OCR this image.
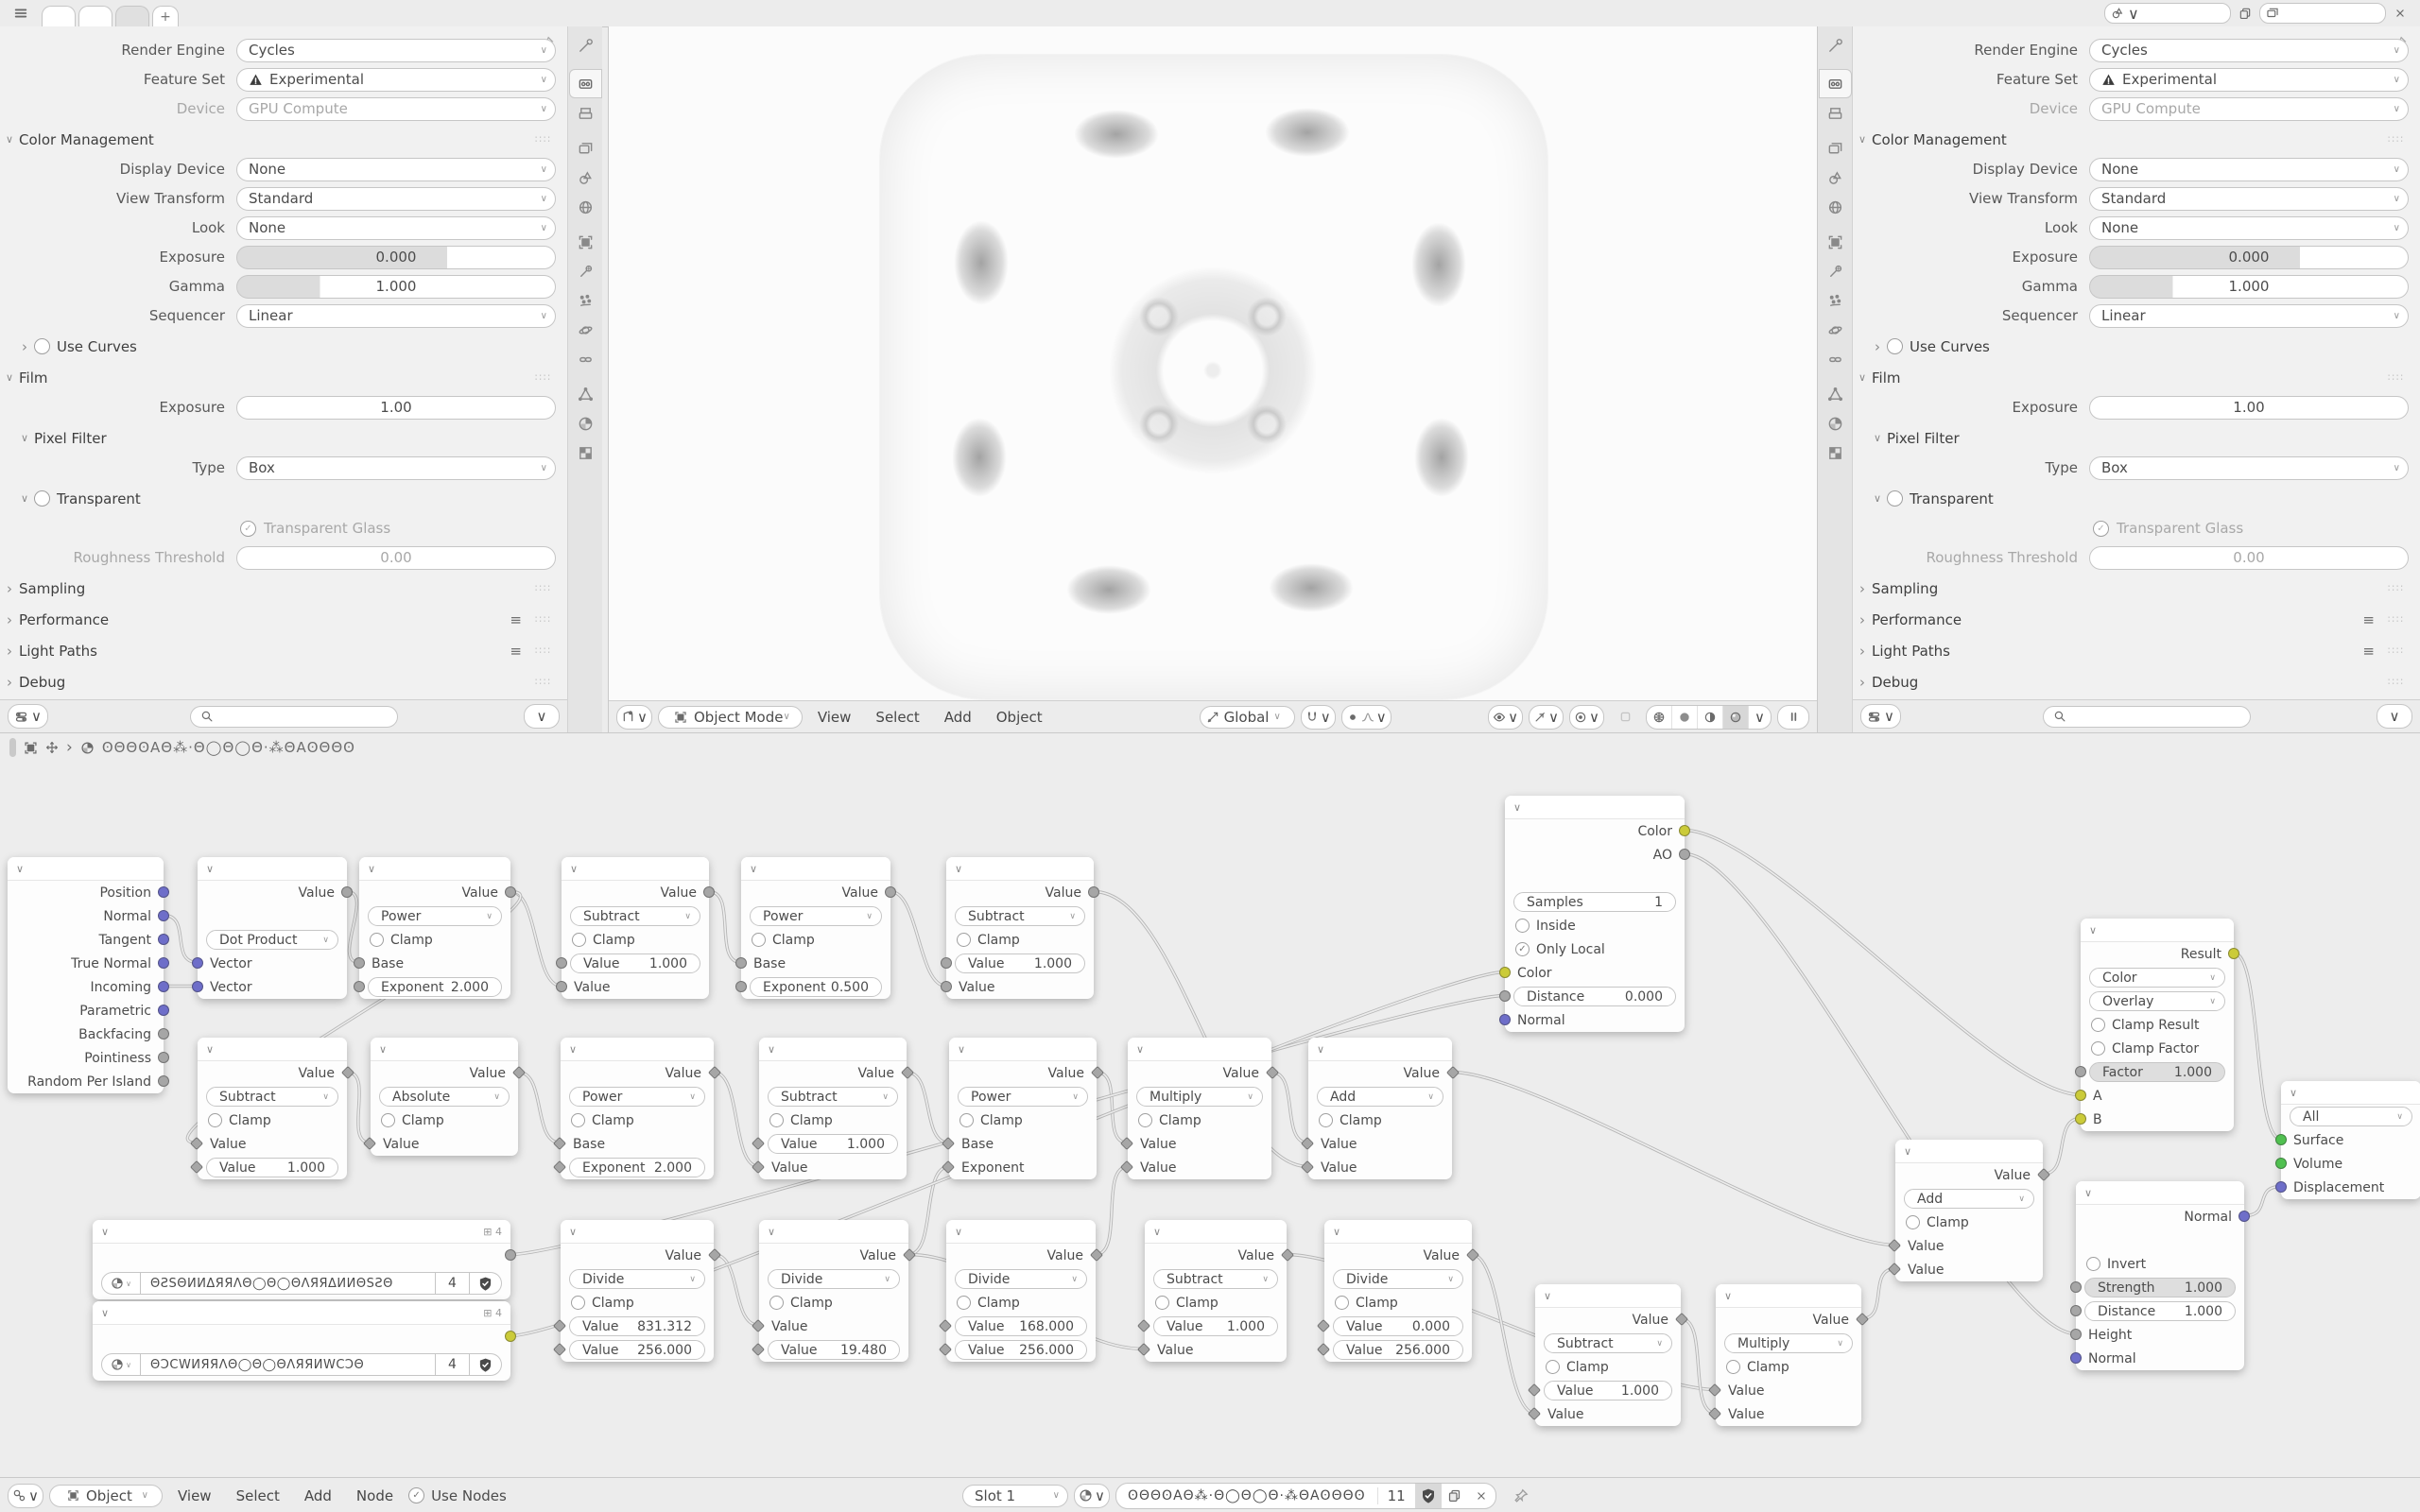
+	∨
Render Engine	Cycles	∨
Feature Set	Experimental	∨
Device	GPU Compute	∨
∨ Color Management	∷∷
Display Device	None	∨
View Transform	Standard	∨
Look	None	∨
Exposure	0.000
Gamma	1.000
Sequencer	Linear	∨
›	Use Curves
∨ Film	∷∷
Exposure	1.00
∨ Pixel Filter
Type	Box	∨
∨	Transparent
✓ Transparent Glass
Roughness Threshold	0.00
› Sampling	∷∷
› Performance	≡ ∷∷
› Light Paths	≡ ∷∷
› Debug	∷∷
∨	∨	∨	Object Mode ∨	View	Select	Add	Object	Global ∨	∨	∨	∨ ∨ ∨	∨
Render Engine	Cycles	∨
Feature Set	Experimental	∨
Device	GPU Compute	∨
∨ Color Management	∷∷
Display Device	None	∨
View Transform	Standard	∨
Look	None	∨
Exposure	0.000
Gamma	1.000
Sequencer	Linear	∨
›	Use Curves
∨ Film	∷∷
Exposure	1.00
∨ Pixel Filter
Type	Box	∨
∨	Transparent
✓ Transparent Glass
Roughness Threshold	0.00
› Sampling	∷∷
› Performance	≡ ∷∷
› Light Paths	≡ ∷∷
› Debug	∷∷
∨	∨
∨
Position
Normal
Tangent
True Normal
Incoming
Parametric
Backfacing
Pointiness
Random Per Island
∨
Value
Dot Product	∨
Vector
Vector
∨
Value
Power	∨
Clamp
Base
Exponent 2.000
∨
Value
Subtract	∨
Clamp
Value 1.000
Value
∨
Value
Power	∨
Clamp
Base
Exponent 0.500
∨
Value
Subtract	∨
Clamp
Value 1.000
Value
∨
Value
Subtract	∨
Clamp
Value
Value 1.000
∨
Value
Absolute	∨
Clamp
Value
∨
Value
Power	∨
Clamp
Base
Exponent 2.000
∨
Value
Subtract	∨
Clamp
Value 1.000
Value
∨
Value
Power	∨
Clamp
Base
Exponent
∨
Value
Multiply	∨
Clamp
Value
Value
∨
Value
Add	∨
Clamp
Value
Value
∨
Color
AO
Samples	1
Inside
✓ Only Local
Color
Distance	0.000
Normal
∨	⊞ 4
∨	ΘƧSΘИИΔЯЯΛΘ◯Θ◯ΘΛЯЯΔИИΘSƧΘ	4
∨	⊞ 4
∨	ΘƆCWИЯЯΛΘ◯Θ◯ΘΛЯЯИWCƆΘ	4
∨
Value
Divide	∨
Clamp
Value 831.312
Value 256.000
∨
Value
Divide	∨
Clamp
Value
Value 19.480
∨
Value
Divide	∨
Clamp
Value 168.000
Value 256.000
∨
Value
Subtract	∨
Clamp
Value 1.000
Value
∨
Value
Divide	∨
Clamp
Value 0.000
Value 256.000
∨
Value
Add	∨
Clamp
Value
Value
∨
Value
Subtract	∨
Clamp
Value 1.000
Value
∨
Value
Multiply	∨
Clamp
Value
Value
∨
Result
Color	∨
Overlay	∨
Clamp Result
Clamp Factor
Factor 1.000
A
B
∨
All	∨
Surface
Volume
Displacement
∨
Normal
Invert
Strength 1.000
Distance 1.000
Height
Normal
› ʘΘΘʘAΘ⁂·Θ◯Θ◯Θ·⁂ΘAʘΘΘʘ
∨	Object ∨	View	Select	Add	Node	✓ Use Nodes	Slot 1	∨ ∨	ʘΘΘʘAΘ⁂·Θ◯Θ◯Θ·⁂ΘAʘΘΘʘ	11
